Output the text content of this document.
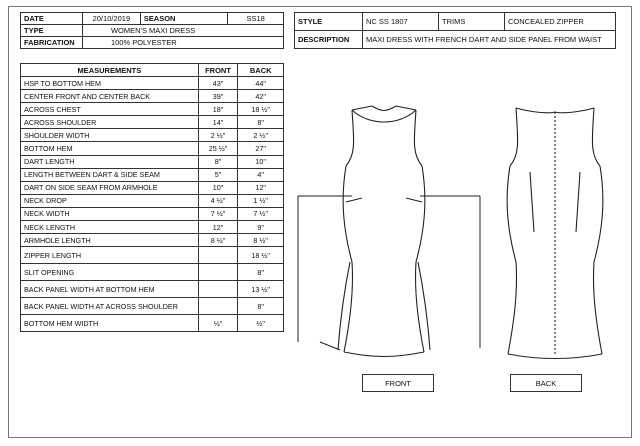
DATE	20/10/2019	SEASON	SS18
TYPE	WOMEN'S MAXI DRESS		
FABRICATION	100% POLYESTER		
STYLE	NC SS 1807	TRIMS	CONCEALED ZIPPER
DESCRIPTION	MAXI DRESS WITH FRENCH DART AND SIDE PANEL FROM WAIST		
MEASUREMENTS	FRONT	BACK
HSP TO BOTTOM HEM	43"	44"
CENTER FRONT AND CENTER BACK	39"	42"
ACROSS CHEST	18"	18 ½"
ACROSS SHOULDER	14"	8"
SHOULDER WIDTH	2 ½"	2 ½"
BOTTOM HEM	25 ½"	27"
DART LENGTH	8"	10"
LENGTH BETWEEN DART & SIDE SEAM	5"	4"
DART ON SIDE SEAM FROM ARMHOLE	10"	12"
NECK DROP	4 ½"	1 ½"
NECK WIDTH	7 ½"	7 ½"
NECK LENGTH	12"	9"
ARMHOLE LENGTH	8 ½"	8 ½"
ZIPPER LENGTH		18 ½"
SLIT OPENING		8"
BACK PANEL WIDTH AT BOTTOM HEM		13 ½"
BACK PANEL WIDTH AT ACROSS SHOULDER		8"
BOTTOM HEM WIDTH	½"	½"
FRONT	BACK
